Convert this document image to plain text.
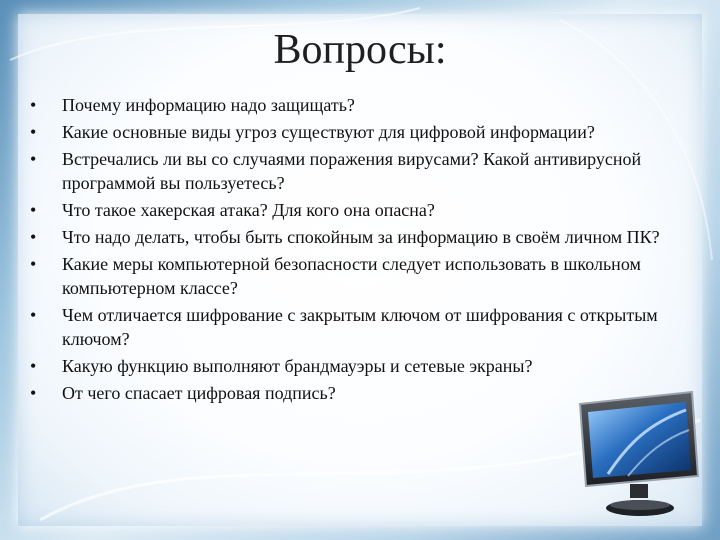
Вопросы:
• Почему информацию надо защищать?
• Какие основные виды угроз существуют для цифровой информации?
• Встречались ли вы со случаями поражения вирусами? Какой антивирусной программой вы пользуетесь?
• Что такое хакерская атака? Для кого она опасна?
• Что надо делать, чтобы быть спокойным за информацию в своём личном ПК?
• Какие меры компьютерной безопасности следует использовать в школьном компьютерном классе?
• Чем отличается шифрование с закрытым ключом от шифрования с открытым ключом?
• Какую функцию выполняют брандмауэры и сетевые экраны?
• От чего спасает цифровая подпись?
